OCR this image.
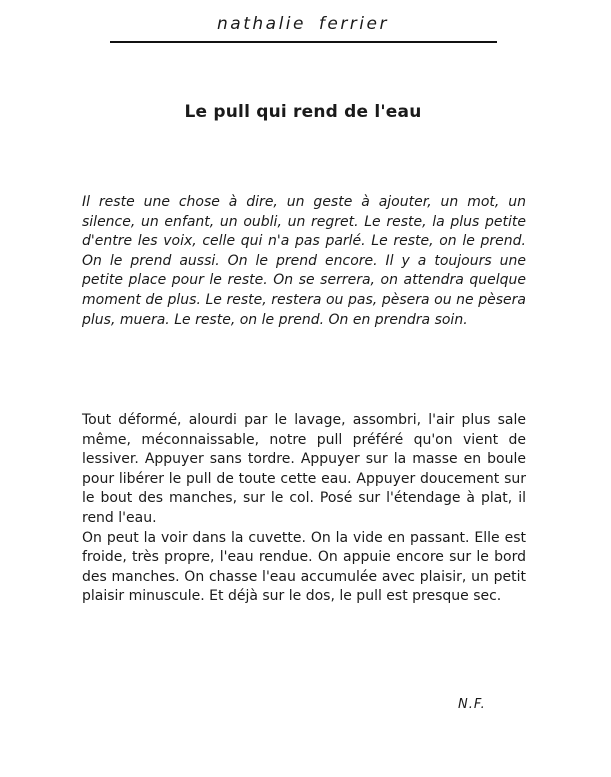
nathalie ferrier
Le pull qui rend de l'eau

Il reste une chose à dire, un geste à ajouter, un mot, un silence, un enfant, un oubli, un regret. Le reste, la plus petite d'entre les voix, celle qui n'a pas parlé. Le reste, on le prend. On le prend aussi. On le prend encore. Il y a toujours une petite place pour le reste. On se serrera, on attendra quelque moment de plus. Le reste, restera ou pas, pèsera ou ne pèsera plus, muera. Le reste, on le prend. On en prendra soin.

Tout déformé, alourdi par le lavage, assombri, l'air plus sale même, méconnaissable, notre pull préféré qu'on vient de lessiver. Appuyer sans tordre. Appuyer sur la masse en boule pour libérer le pull de toute cette eau. Appuyer doucement sur le bout des manches, sur le col. Posé sur l'étendage à plat, il rend l'eau.

On peut la voir dans la cuvette. On la vide en passant. Elle est froide, très propre, l'eau rendue. On appuie encore sur le bord des manches. On chasse l'eau accumulée avec plaisir, un petit plaisir minuscule. Et déjà sur le dos, le pull est presque sec.

N.F.
